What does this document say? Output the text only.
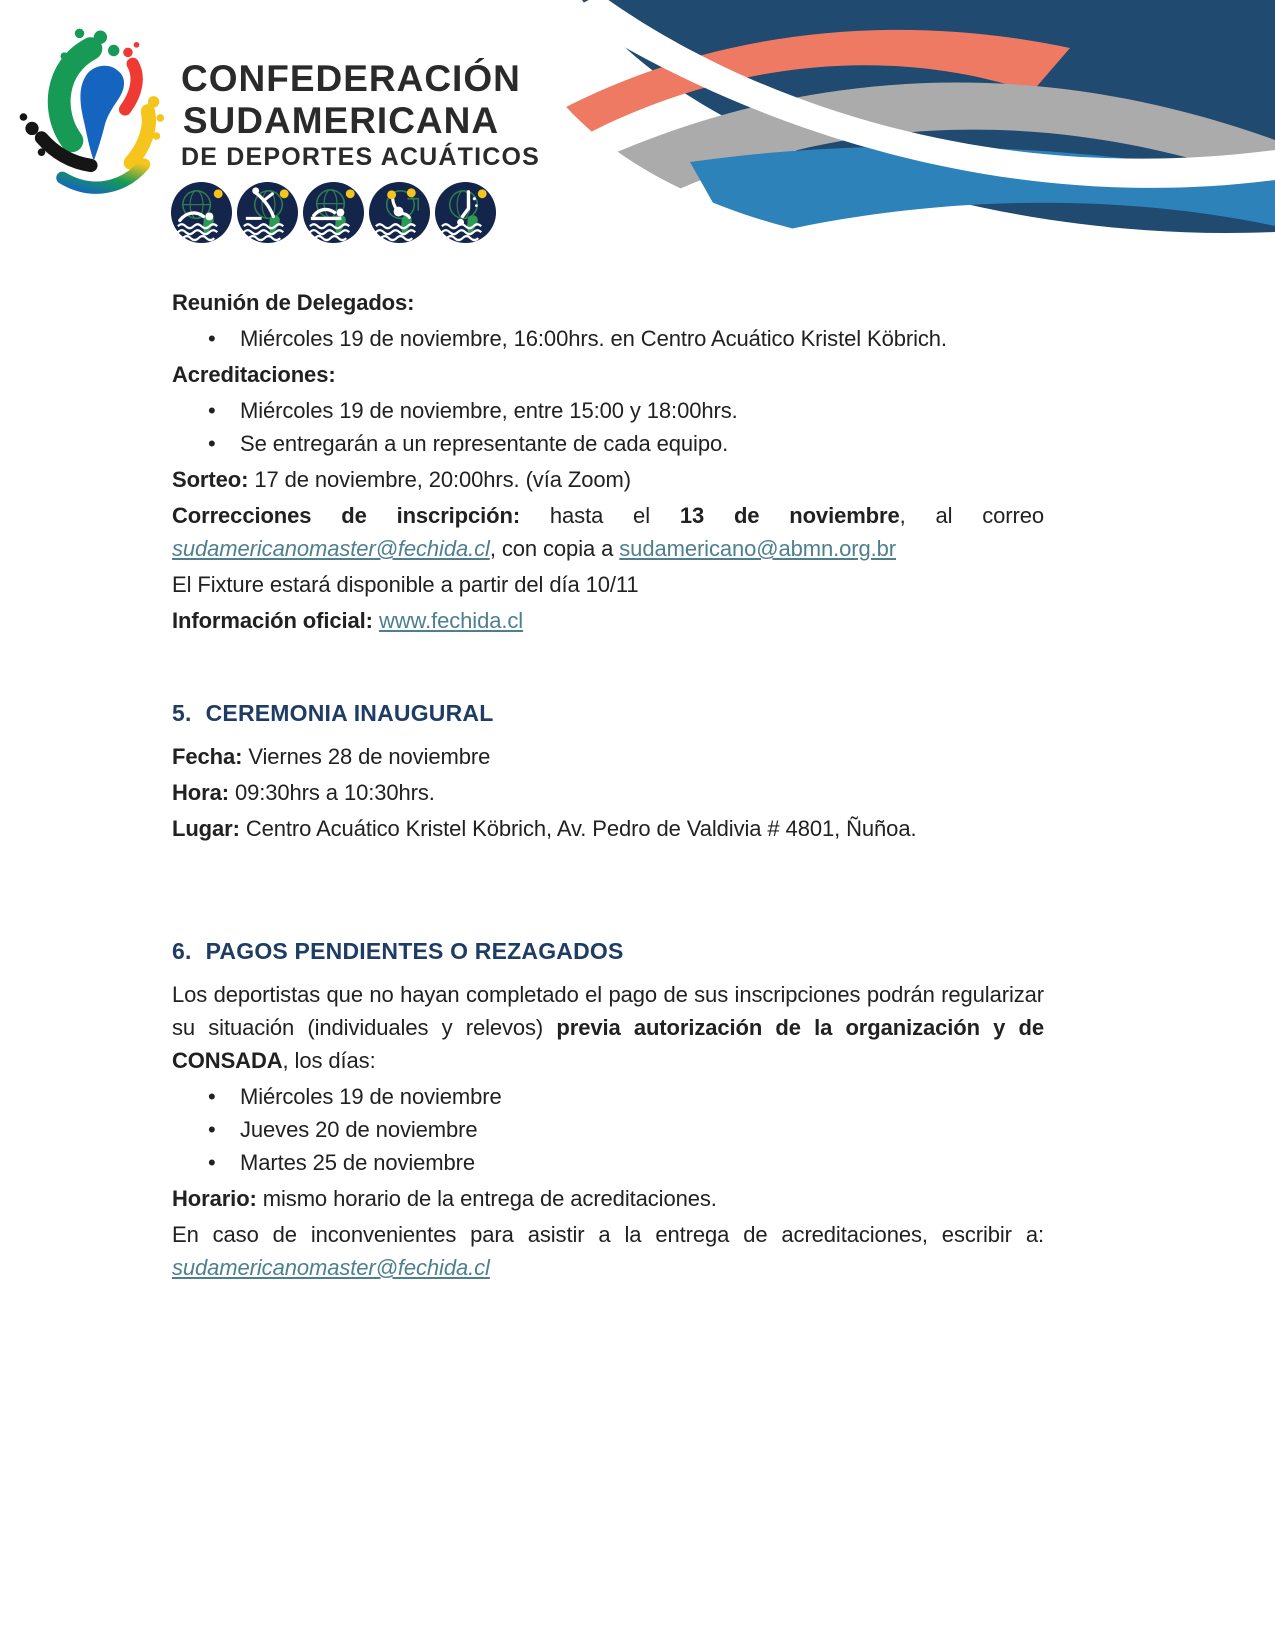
CONFEDERACIÓN
SUDAMERICANA
DE DEPORTES ACUÁTICOS

Reunión de Delegados:

• Miércoles 19 de noviembre, 16:00hrs. en Centro Acuático Kristel Köbrich.

Acreditaciones:

• Miércoles 19 de noviembre, entre 15:00 y 18:00hrs.
• Se entregarán a un representante de cada equipo.

Sorteo: 17 de noviembre, 20:00hrs. (vía Zoom)

Correcciones de inscripción: hasta el 13 de noviembre, al correo sudamericanomaster@fechida.cl, con copia a sudamericano@abmn.org.br

El Fixture estará disponible a partir del día 10/11

Información oficial: www.fechida.cl

5. CEREMONIA INAUGURAL

Fecha: Viernes 28 de noviembre

Hora: 09:30hrs a 10:30hrs.

Lugar: Centro Acuático Kristel Köbrich, Av. Pedro de Valdivia # 4801, Ñuñoa.

6. PAGOS PENDIENTES O REZAGADOS

Los deportistas que no hayan completado el pago de sus inscripciones podrán regularizar su situación (individuales y relevos) previa autorización de la organización y de CONSADA, los días:

• Miércoles 19 de noviembre
• Jueves 20 de noviembre
• Martes 25 de noviembre

Horario: mismo horario de la entrega de acreditaciones.

En caso de inconvenientes para asistir a la entrega de acreditaciones, escribir a: sudamericanomaster@fechida.cl
